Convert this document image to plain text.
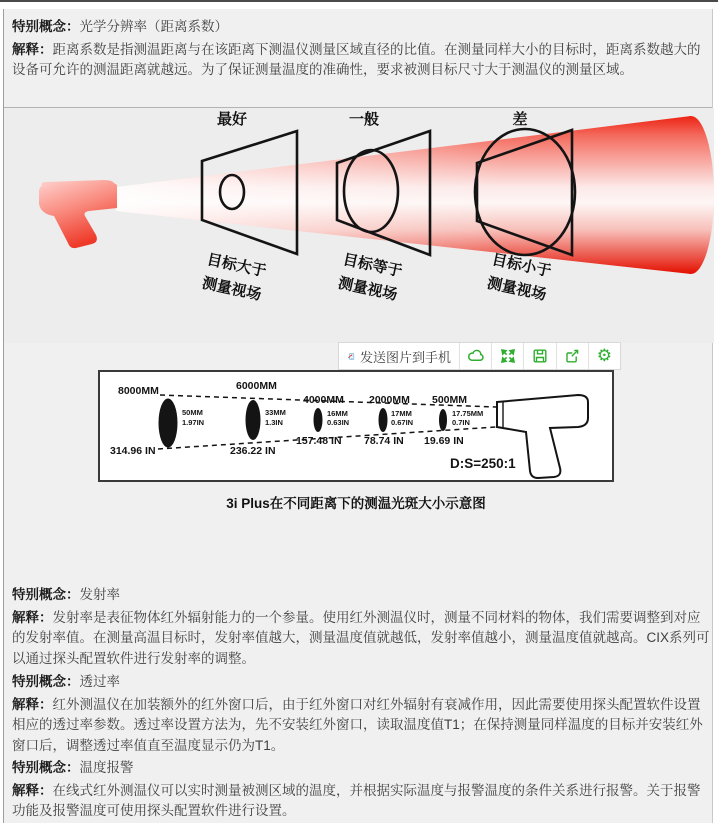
特别概念：光学分辨率（距离系数）

解释：距离系数是指测温距离与在该距离下测温仪测量区域直径的比值。在测量同样大小的目标时，距离系数越大的设备可允许的测温距离就越远。为了保证测量温度的准确性，要求被测目标尺寸大于测温仪的测量区域。

最好	一般	差
目标大于
测量视场
目标等于
测量视场
目标小于
测量视场
发送图片到手机	⚙
8000MM	6000MM
4000MM 2000MM 500MM
50MM
1.97IN
33MM
1.3IN
16MM
0.63IN
17MM
0.67IN
17.75MM
0.7IN
314.96 IN	236.22 IN
157.48 IN 78.74 IN 19.69 IN
D:S=250:1
3i Plus在不同距离下的测温光斑大小示意图
特别概念：发射率

解释：发射率是表征物体红外辐射能力的一个参量。使用红外测温仪时，测量不同材料的物体，我们需要调整到对应的发射率值。在测量高温目标时，发射率值越大，测量温度值就越低，发射率值越小，测量温度值就越高。CIX系列可以通过探头配置软件进行发射率的调整。

特别概念：透过率

解释：红外测温仪在加装额外的红外窗口后，由于红外窗口对红外辐射有衰减作用，因此需要使用探头配置软件设置相应的透过率参数。透过率设置方法为，先不安装红外窗口，读取温度值T1；在保持测量同样温度的目标并安装红外窗口后，调整透过率值直至温度显示仍为T1。

特别概念：温度报警

解释：在线式红外测温仪可以实时测量被测区域的温度，并根据实际温度与报警温度的条件关系进行报警。关于报警功能及报警温度可使用探头配置软件进行设置。
